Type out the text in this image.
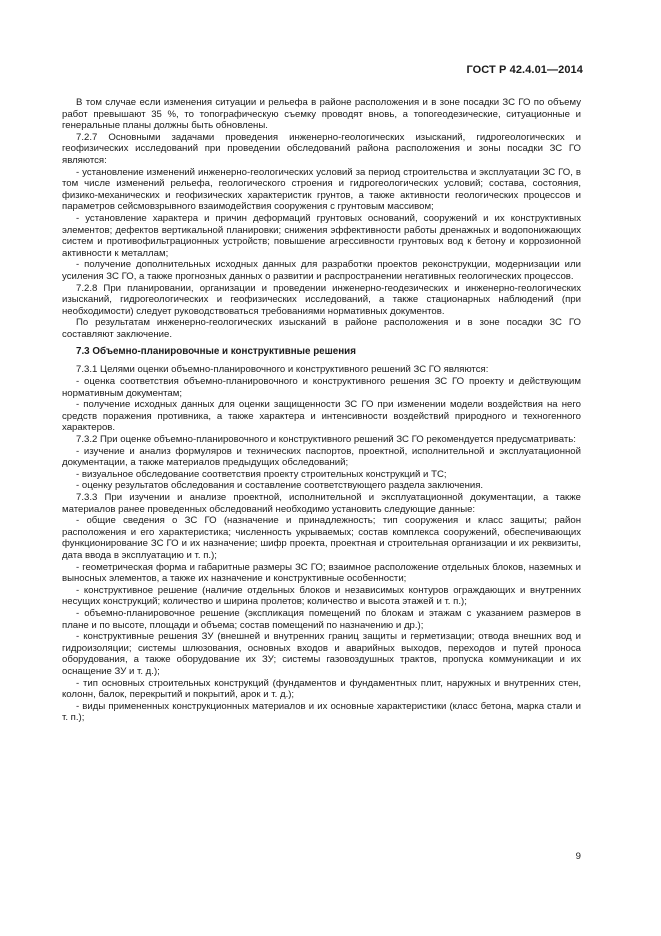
ГОСТ Р 42.4.01—2014

В том случае если изменения ситуации и рельефа в районе расположения и в зоне посадки ЗС ГО по объему работ превышают 35 %, то топографическую съемку проводят вновь, а топогеодезические, ситуационные и генеральные планы должны быть обновлены.

7.2.7 Основными задачами проведения инженерно-геологических изысканий, гидрогеологических и геофизических исследований при проведении обследований района расположения и зоны посадки ЗС ГО являются:

- установление изменений инженерно-геологических условий за период строительства и эксплуатации ЗС ГО, в том числе изменений рельефа, геологического строения и гидрогеологических условий; состава, состояния, физико-механических и геофизических характеристик грунтов, а также активности геологических процессов и параметров сейсмовзрывного взаимодействия сооружения с грунтовым массивом;

- установление характера и причин деформаций грунтовых оснований, сооружений и их конструктивных элементов; дефектов вертикальной планировки; снижения эффективности работы дренажных и водопонижающих систем и противофильтрационных устройств; повышение агрессивности грунтовых вод к бетону и коррозионной активности к металлам;

- получение дополнительных исходных данных для разработки проектов реконструкции, модернизации или усиления ЗС ГО, а также прогнозных данных о развитии и распространении негативных геологических процессов.

7.2.8 При планировании, организации и проведении инженерно-геодезических и инженерно-геологических изысканий, гидрогеологических и геофизических исследований, а также стационарных наблюдений (при необходимости) следует руководствоваться требованиями нормативных документов.

По результатам инженерно-геологических изысканий в районе расположения и в зоне посадки ЗС ГО составляют заключение.

7.3 Объемно-планировочные и конструктивные решения

7.3.1 Целями оценки объемно-планировочного и конструктивного решений ЗС ГО являются:

- оценка соответствия объемно-планировочного и конструктивного решения ЗС ГО проекту и действующим нормативным документам;

- получение исходных данных для оценки защищенности ЗС ГО при изменении модели воздействия на него средств поражения противника, а также характера и интенсивности воздействий природного и техногенного характеров.

7.3.2 При оценке объемно-планировочного и конструктивного решений ЗС ГО рекомендуется предусматривать:

- изучение и анализ формуляров и технических паспортов, проектной, исполнительной и эксплуатационной документации, а также материалов предыдущих обследований;

- визуальное обследование соответствия проекту строительных конструкций и ТС;

- оценку результатов обследования и составление соответствующего раздела заключения.

7.3.3 При изучении и анализе проектной, исполнительной и эксплуатационной документации, а также материалов ранее проведенных обследований необходимо установить следующие данные:

- общие сведения о ЗС ГО (назначение и принадлежность; тип сооружения и класс защиты; район расположения и его характеристика; численность укрываемых; состав комплекса сооружений, обеспечивающих функционирование ЗС ГО и их назначение; шифр проекта, проектная и строительная организации и их реквизиты, дата ввода в эксплуатацию и т. п.);

- геометрическая форма и габаритные размеры ЗС ГО; взаимное расположение отдельных блоков, наземных и выносных элементов, а также их назначение и конструктивные особенности;

- конструктивное решение (наличие отдельных блоков и независимых контуров ограждающих и внутренних несущих конструкций; количество и ширина пролетов; количество и высота этажей и т. п.);

- объемно-планировочное решение (экспликация помещений по блокам и этажам с указанием размеров в плане и по высоте, площади и объема; состав помещений по назначению и др.);

- конструктивные решения ЗУ (внешней и внутренних границ защиты и герметизации; отвода внешних вод и гидроизоляции; системы шлюзования, основных входов и аварийных выходов, переходов и путей проноса оборудования, а также оборудование их ЗУ; системы газовоздушных трактов, пропуска коммуникации и их оснащение ЗУ и т. д.);

- тип основных строительных конструкций (фундаментов и фундаментных плит, наружных и внутренних стен, колонн, балок, перекрытий и покрытий, арок и т. д.);

- виды примененных конструкционных материалов и их основные характеристики (класс бетона, марка стали и т. п.);

9
